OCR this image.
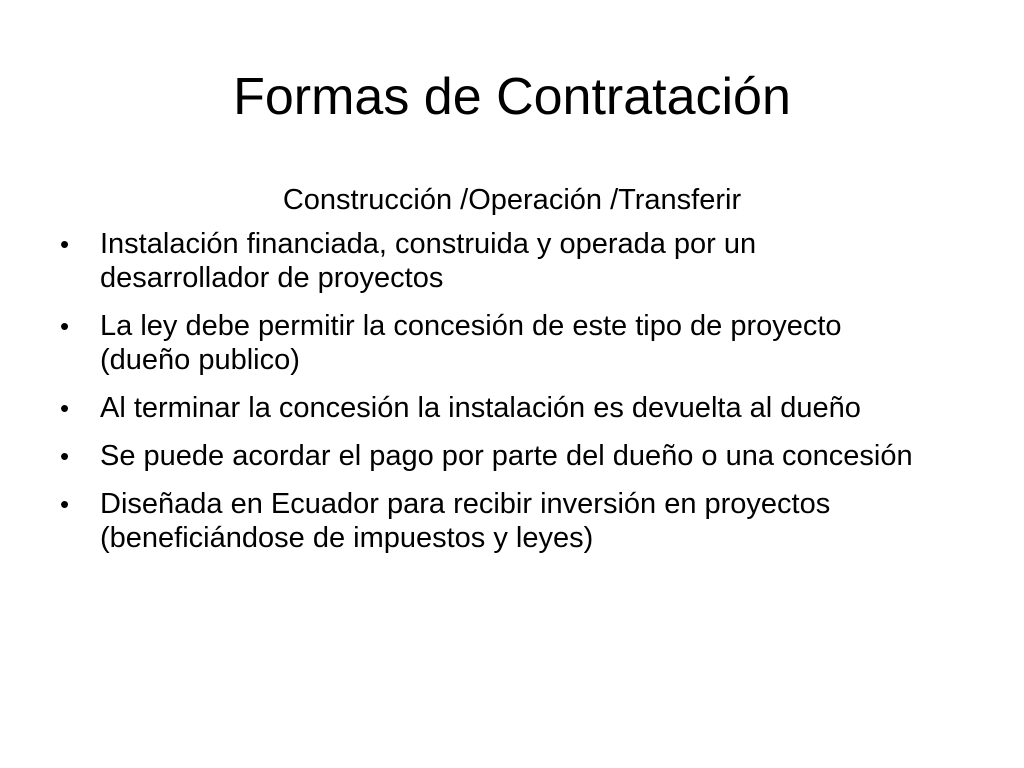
Formas de Contratación

Construcción /Operación /Transferir

• Instalación financiada, construida y operada por un desarrollador de proyectos
• La ley debe permitir la concesión de este tipo de proyecto (dueño publico)
• Al terminar la concesión la instalación es devuelta al dueño
• Se puede acordar el pago por parte del dueño o una concesión
• Diseñada en Ecuador para recibir inversión en proyectos (beneficiándose de impuestos y leyes)
